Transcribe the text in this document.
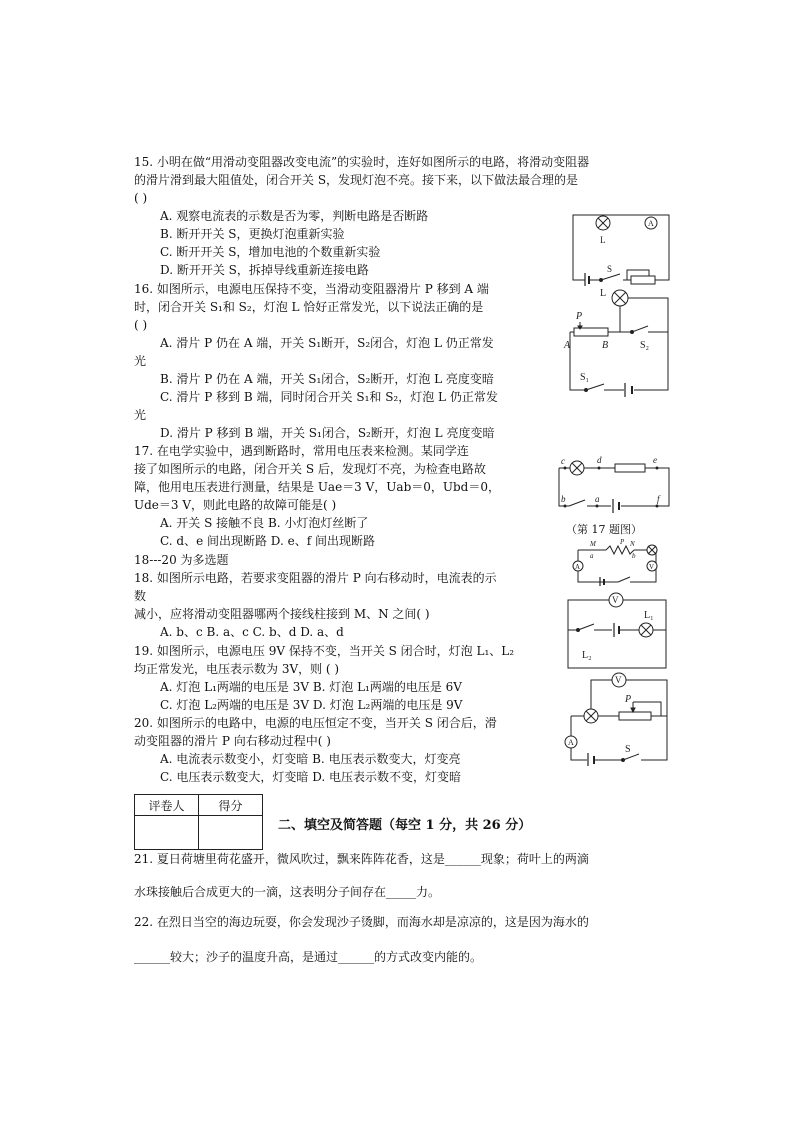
15. 小明在做“用滑动变阻器改变电流”的实验时，连好如图所示的电路，将滑动变阻器
的滑片滑到最大阻值处，闭合开关 S，发现灯泡不亮。接下来，以下做法最合理的是
( )
A. 观察电流表的示数是否为零，判断电路是否断路
B. 断开开关 S，更换灯泡重新实验
C. 断开开关 S，增加电池的个数重新实验
D. 断开开关 S，拆掉导线重新连接电路
16. 如图所示，电源电压保持不变，当滑动变阻器滑片 P 移到 A 端
时，闭合开关 S₁和 S₂，灯泡 L 恰好正常发光，以下说法正确的是
( )
A. 滑片 P 仍在 A 端，开关 S₁断开，S₂闭合，灯泡 L 仍正常发
光
B. 滑片 P 仍在 A 端，开关 S₁闭合，S₂断开，灯泡 L 亮度变暗
C. 滑片 P 移到 B 端，同时闭合开关 S₁和 S₂，灯泡 L 仍正常发
光
D. 滑片 P 移到 B 端，开关 S₁闭合，S₂断开，灯泡 L 亮度变暗
17. 在电学实验中，遇到断路时，常用电压表来检测。某同学连
接了如图所示的电路，闭合开关 S 后，发现灯不亮，为检查电路故
障，他用电压表进行测量，结果是 Uae＝3 V，Uab＝0，Ubd＝0，
Ude＝3 V，则此电路的故障可能是( )
A. 开关 S 接触不良 B. 小灯泡灯丝断了
C. d、e 间出现断路 D. e、f 间出现断路
18---20 为多选题
18. 如图所示电路，若要求变阻器的滑片 P 向右移动时，电流表的示
数
减小，应将滑动变阻器哪两个接线柱接到 M、N 之间( )
A. b、c B. a、c C. b、d D. a、d
19. 如图所示，电源电压 9V 保持不变，当开关 S 闭合时，灯泡 L₁、L₂
均正常发光，电压表示数为 3V，则 ( )
A. 灯泡 L₁两端的电压是 3V B. 灯泡 L₁两端的电压是 6V
C. 灯泡 L₂两端的电压是 3V D. 灯泡 L₂两端的电压是 9V
20. 如图所示的电路中，电源的电压恒定不变，当开关 S 闭合后，滑
动变阻器的滑片 P 向右移动过程中( )
A. 电流表示数变小，灯变暗 B. 电压表示数变大，灯变亮
C. 电压表示数变大，灯变暗 D. 电压表示数不变，灯变暗
21. 夏日荷塘里荷花盛开，微风吹过，飘来阵阵花香，这是______现象；荷叶上的两滴
水珠接触后合成更大的一滴，这表明分子间存在_____力。
22. 在烈日当空的海边玩耍，你会发现沙子烫脚，而海水却是凉凉的，这是因为海水的
______较大；沙子的温度升高，是通过______的方式改变内能的。
评卷人	得分

二、填空及简答题（每空 1 分，共 26 分）
A
L
S
L
P
A	B	S₂
S₁
c	d	e
b	a	f
（第 17 题图）
A	V
M
a
P N
b
V
L₁
L₂
V
P
A
S
